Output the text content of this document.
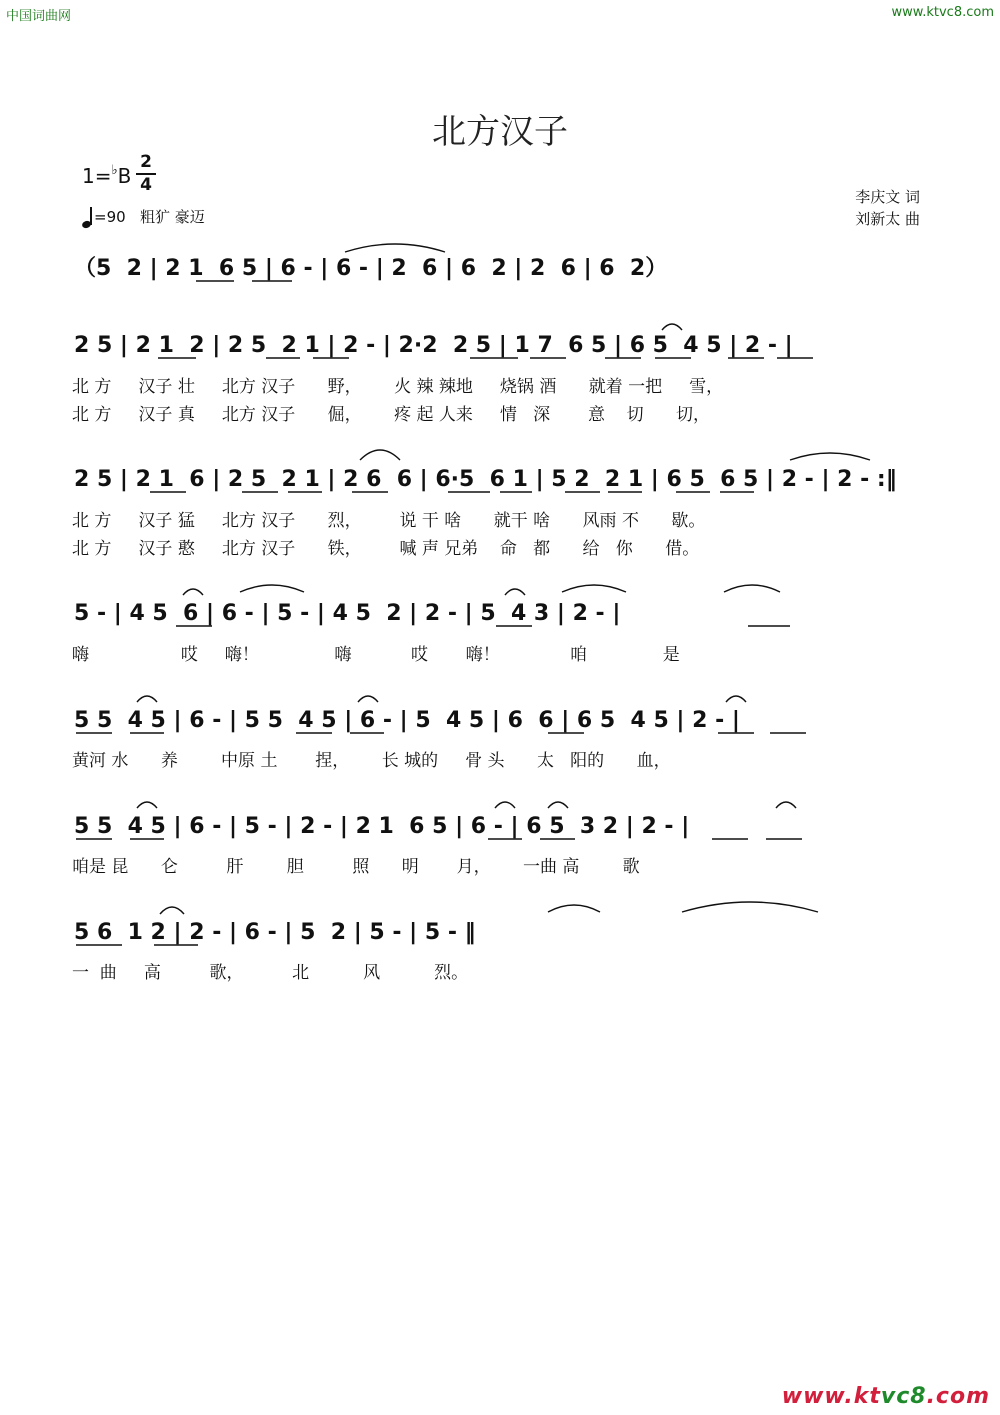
中国词曲网	www.ktvc8.com
北方汉子
1=♭B
2
4
=90 粗犷 豪迈
李庆文 词
刘新太 曲
（5  2 | 2 1  6 5 | 6 - | 6 - | 2  6 | 6  2 | 2  6 | 6  2）
2 5 | 2 1  2 | 2 5  2 1 | 2 - | 2·2  2 5 | 1 7  6 5 | 6 5  4 5 | 2 - |
2 5 | 2 1  6 | 2 5  2 1 | 2 6  6 | 6·5  6 1 | 5 2  2 1 | 6 5  6 5 | 2 - | 2 - :‖
5 - | 4 5  6 | 6 - | 5 - | 4 5  2 | 2 - | 5  4 3 | 2 - |
5 5  4 5 | 6 - | 5 5  4 5 | 6 - | 5  4 5 | 6  6 | 6 5  4 5 | 2 - |
5 5  4 5 | 6 - | 5 - | 2 - | 2 1  6 5 | 6 - | 6 5  3 2 | 2 - |
5 6  1 2 | 2 - | 6 - | 5  2 | 5 - | 5 - ‖
北 方     汉子 壮     北方 汉子      野，      火 辣 辣地     烧锅 酒      就着 一把     雪，
北 方     汉子 真     北方 汉子      倔，      疼 起 人来     情   深       意    切      切，
北 方     汉子 猛     北方 汉子      烈，       说 干 啥      就干 啥      风雨 不      歇。
北 方     汉子 憨     北方 汉子      铁，       喊 声 兄弟    命   都      给   你      借。
嗨                 哎     嗨！              嗨           哎       嗨！             咱              是
黄河 水      养        中原 土       捏，      长 城的     骨 头      太   阳的      血，
咱是 昆      仑         肝        胆         照      明       月，      一曲 高        歌
一  曲     高         歌，         北          风          烈。
www.ktvc8.com
